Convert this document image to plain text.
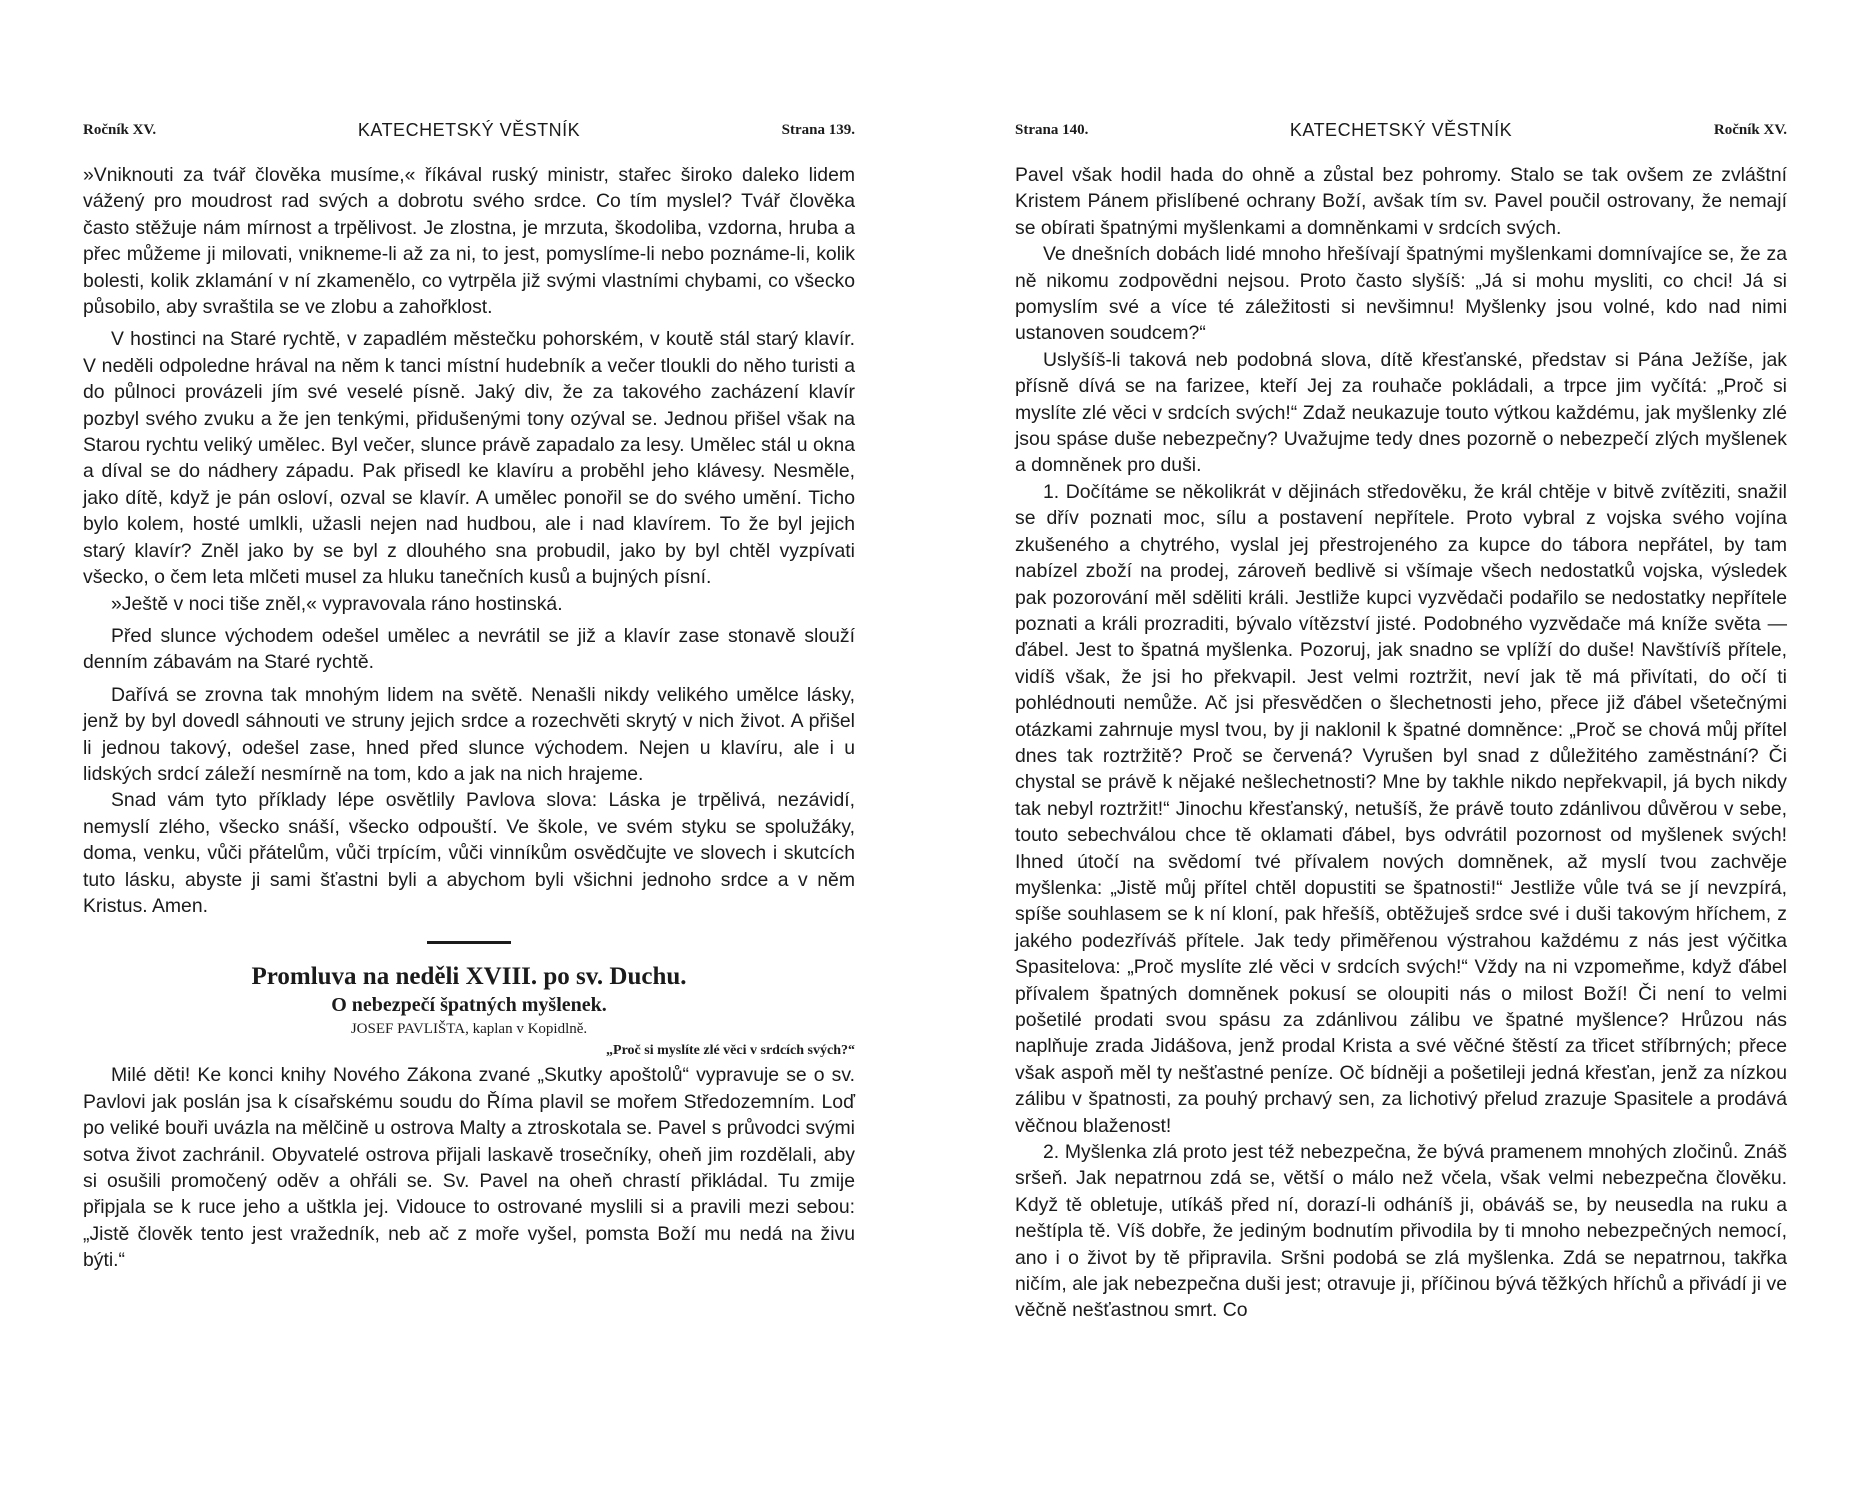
Ročník XV.	KATECHETSKÝ VĚSTNÍK	Strana 139.

»Vniknouti za tvář člověka musíme,« říkával ruský ministr, stařec široko daleko lidem vážený pro moudrost rad svých a dobrotu svého srdce. Co tím myslel? Tvář člověka často stěžuje nám mírnost a trpělivost. Je zlostna, je mrzuta, škodoliba, vzdorna, hruba a přec můžeme ji milovati, vnikneme-li až za ni, to jest, pomyslíme-li nebo poznáme-li, kolik bolesti, kolik zklamání v ní zkamenělo, co vytrpěla již svými vlastními chybami, co všecko působilo, aby svraštila se ve zlobu a zahořklost.

V hostinci na Staré rychtě, v zapadlém městečku pohorském, v koutě stál starý klavír. V neděli odpoledne hrával na něm k tanci místní hudebník a večer tloukli do něho turisti a do půlnoci provázeli jím své veselé písně. Jaký div, že za takového zacházení klavír pozbyl svého zvuku a že jen tenkými, přidušenými tony ozýval se. Jednou přišel však na Starou rychtu veliký umělec. Byl večer, slunce právě zapadalo za lesy. Umělec stál u okna a díval se do nádhery západu. Pak přisedl ke klavíru a proběhl jeho klávesy. Nesměle, jako dítě, když je pán osloví, ozval se klavír. A umělec ponořil se do svého umění. Ticho bylo kolem, hosté umlkli, užasli nejen nad hudbou, ale i nad klavírem. To že byl jejich starý klavír? Zněl jako by se byl z dlouhého sna probudil, jako by byl chtěl vyzpívati všecko, o čem leta mlčeti musel za hluku tanečních kusů a bujných písní.

»Ještě v noci tiše zněl,« vypravovala ráno hostinská.

Před slunce východem odešel umělec a nevrátil se již a klavír zase stonavě slouží denním zábavám na Staré rychtě.

Dařívá se zrovna tak mnohým lidem na světě. Nenašli nikdy velikého umělce lásky, jenž by byl dovedl sáhnouti ve struny jejich srdce a rozechvěti skrytý v nich život. A přišel li jednou takový, odešel zase, hned před slunce východem. Nejen u klavíru, ale i u lidských srdcí záleží nesmírně na tom, kdo a jak na nich hrajeme.

Snad vám tyto příklady lépe osvětlily Pavlova slova: Láska je trpělivá, nezávidí, nemyslí zlého, všecko snáší, všecko odpouští. Ve škole, ve svém styku se spolužáky, doma, venku, vůči přátelům, vůči trpícím, vůči vinníkům osvědčujte ve slovech i skutcích tuto lásku, abyste ji sami šťastni byli a abychom byli všichni jednoho srdce a v něm Kristus. Amen.

Promluva na neděli XVIII. po sv. Duchu.

O nebezpečí špatných myšlenek.

JOSEF PAVLIŠTA, kaplan v Kopidlně.

„Proč si myslíte zlé věci v srdcích svých?“

Milé děti! Ke konci knihy Nového Zákona zvané „Skutky apoštolů“ vypravuje se o sv. Pavlovi jak poslán jsa k císařskému soudu do Říma plavil se mořem Středozemním. Loď po veliké bouři uvázla na mělčině u ostrova Malty a ztroskotala se. Pavel s průvodci svými sotva život zachránil. Obyvatelé ostrova přijali laskavě trosečníky, oheň jim rozdělali, aby si osušili promočený oděv a ohřáli se. Sv. Pavel na oheň chrastí přikládal. Tu zmije připjala se k ruce jeho a uštkla jej. Vidouce to ostrované myslili si a pravili mezi sebou: „Jistě člověk tento jest vražedník, neb ač z moře vyšel, pomsta Boží mu nedá na živu býti.“

Strana 140.	KATECHETSKÝ VĚSTNÍK	Ročník XV.

Pavel však hodil hada do ohně a zůstal bez pohromy. Stalo se tak ovšem ze zvláštní Kristem Pánem přislíbené ochrany Boží, avšak tím sv. Pavel poučil ostrovany, že nemají se obírati špatnými myšlenkami a domněnkami v srdcích svých.

Ve dnešních dobách lidé mnoho hřešívají špatnými myšlenkami domnívajíce se, že za ně nikomu zodpovědni nejsou. Proto často slyšíš: „Já si mohu mysliti, co chci! Já si pomyslím své a více té záležitosti si nevšimnu! Myšlenky jsou volné, kdo nad nimi ustanoven soudcem?“

Uslyšíš-li taková neb podobná slova, dítě křesťanské, představ si Pána Ježíše, jak přísně dívá se na farizee, kteří Jej za rouhače pokládali, a trpce jim vyčítá: „Proč si myslíte zlé věci v srdcích svých!“ Zdaž neukazuje touto výtkou každému, jak myšlenky zlé jsou spáse duše nebezpečny? Uvažujme tedy dnes pozorně o nebezpečí zlých myšlenek a domněnek pro duši.

1. Dočítáme se několikrát v dějinách středověku, že král chtěje v bitvě zvítěziti, snažil se dřív poznati moc, sílu a postavení nepřítele. Proto vybral z vojska svého vojína zkušeného a chytrého, vyslal jej přestrojeného za kupce do tábora nepřátel, by tam nabízel zboží na prodej, zároveň bedlivě si všímaje všech nedostatků vojska, výsledek pak pozorování měl sděliti králi. Jestliže kupci vyzvědači podařilo se nedostatky nepřítele poznati a králi prozraditi, bývalo vítězství jisté. Podobného vyzvědače má kníže světa — ďábel. Jest to špatná myšlenka. Pozoruj, jak snadno se vplíží do duše! Navštívíš přítele, vidíš však, že jsi ho překvapil. Jest velmi roztržit, neví jak tě má přivítati, do očí ti pohlédnouti nemůže. Ač jsi přesvědčen o šlechetnosti jeho, přece již ďábel všetečnými otázkami zahrnuje mysl tvou, by ji naklonil k špatné domněnce: „Proč se chová můj přítel dnes tak roztržitě? Proč se červená? Vyrušen byl snad z důležitého zaměstnání? Či chystal se právě k nějaké nešlechetnosti? Mne by takhle nikdo nepřekvapil, já bych nikdy tak nebyl roztržit!“ Jinochu křesťanský, netušíš, že právě touto zdánlivou důvěrou v sebe, touto sebechválou chce tě oklamati ďábel, bys odvrátil pozornost od myšlenek svých! Ihned útočí na svědomí tvé přívalem nových domněnek, až myslí tvou zachvěje myšlenka: „Jistě můj přítel chtěl dopustiti se špatnosti!“ Jestliže vůle tvá se jí nevzpírá, spíše souhlasem se k ní kloní, pak hřešíš, obtěžuješ srdce své i duši takovým hříchem, z jakého podezříváš přítele. Jak tedy přiměřenou výstrahou každému z nás jest výčitka Spasitelova: „Proč myslíte zlé věci v srdcích svých!“ Vždy na ni vzpomeňme, když ďábel přívalem špatných domněnek pokusí se oloupiti nás o milost Boží! Či není to velmi pošetilé prodati svou spásu za zdánlivou zálibu ve špatné myšlence? Hrůzou nás naplňuje zrada Jidášova, jenž prodal Krista a své věčné štěstí za třicet stříbrných; přece však aspoň měl ty nešťastné peníze. Oč bídněji a pošetileji jedná křesťan, jenž za nízkou zálibu v špatnosti, za pouhý prchavý sen, za lichotivý přelud zrazuje Spasitele a prodává věčnou blaženost!

2. Myšlenka zlá proto jest též nebezpečna, že bývá pramenem mnohých zločinů. Znáš sršeň. Jak nepatrnou zdá se, větší o málo než včela, však velmi nebezpečna člověku. Když tě obletuje, utíkáš před ní, dorazí-li odháníš ji, obáváš se, by neusedla na ruku a neštípla tě. Víš dobře, že jediným bodnutím přivodila by ti mnoho nebezpečných nemocí, ano i o život by tě připravila. Sršni podobá se zlá myšlenka. Zdá se nepatrnou, takřka ničím, ale jak nebezpečna duši jest; otravuje ji, příčinou bývá těžkých hříchů a přivádí ji ve věčně nešťastnou smrt. Co
